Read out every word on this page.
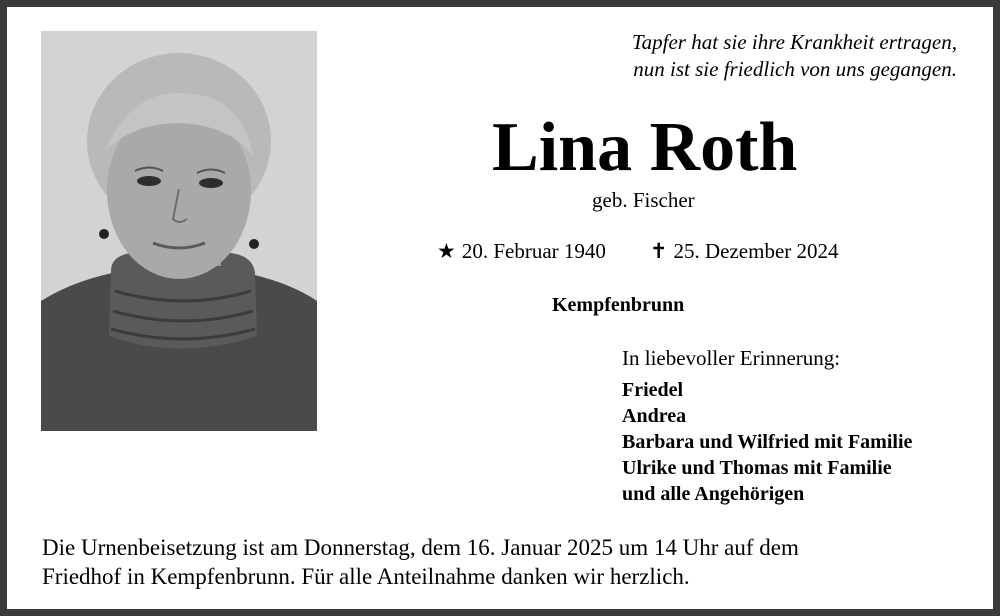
Tapfer hat sie ihre Krankheit ertragen,
nun ist sie friedlich von uns gegangen.
Lina Roth
geb. Fischer
★ 20. Februar 1940 ✝ 25. Dezember 2024
Kempfenbrunn
In liebevoller Erinnerung:
Friedel
Andrea
Barbara und Wilfried mit Familie
Ulrike und Thomas mit Familie
und alle Angehörigen
Die Urnenbeisetzung ist am Donnerstag, dem 16. Januar 2025 um 14 Uhr auf dem
Friedhof in Kempfenbrunn. Für alle Anteilnahme danken wir herzlich.
